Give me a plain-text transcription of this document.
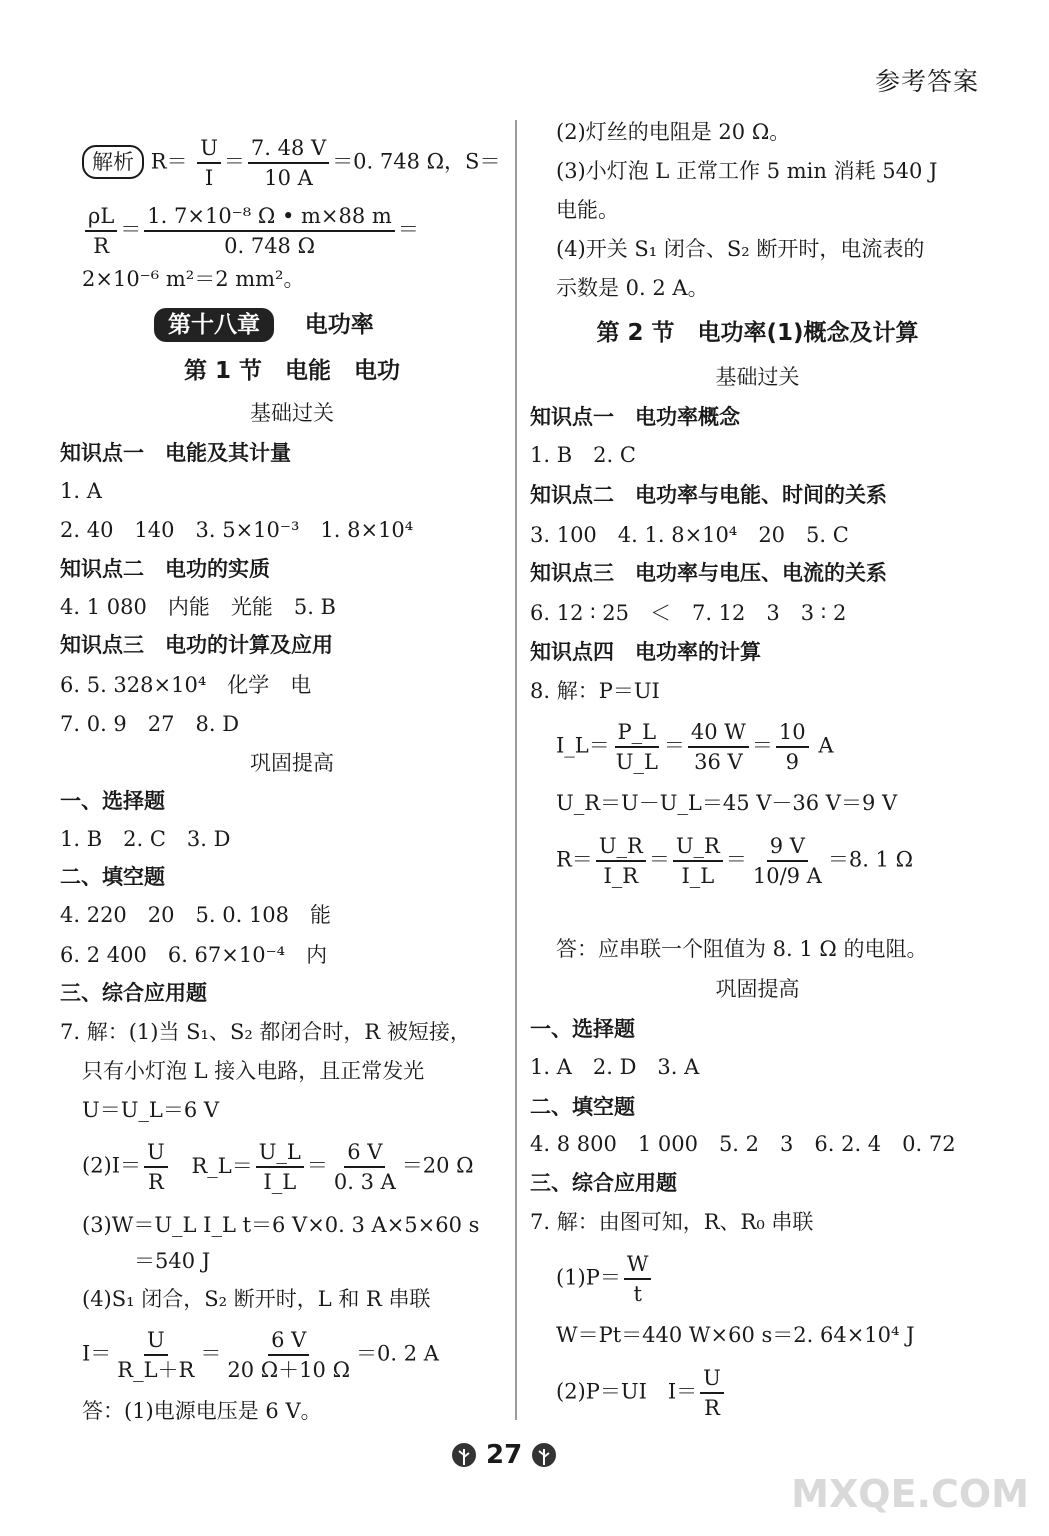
参考答案
解析 $R= \frac{U}{I} = \frac{7. 48 V}{10 A} =0$. 748 Ω，S＝
$\frac{\rho L}{R} = \frac{\text{1. 7×10⁻⁸ Ω • m×88 m}}{0. 748 \Omega}$ ＝
2×10⁻⁶ m²＝2 mm²。
第十八章 电功率
第 1 节　电能　电功
基础过关
知识点一　电能及其计量
1. A
2. 40　140　3. 5×10⁻³　1. 8×10⁴
知识点二　电功的实质
4. 1 080　内能　光能　5. B
知识点三　电功的计算及应用
6. 5. 328×10⁴　化学　电
7. 0. 9　27　8. D
巩固提高
一、选择题
1. B　2. C　3. D
二、填空题
4. 220　20　5. 0. 108　能
6. 2 400　6. 67×10⁻⁴　内
三、综合应用题
7. 解：(1)当 S₁、S₂ 都闭合时，R 被短接，
只有小灯泡 L 接入电路，且正常发光
U＝U_L＝6 V
$(2)I= \frac{U}{R}$ R_L＝ $\frac{U\_L}{I\_L} = \frac{6 V}{0. 3 A} =20$ Ω
(3)W＝U_L I_L t＝6 V×0. 3 A×5×60 s
＝540 J
(4)S₁ 闭合，S₂ 断开时，L 和 R 串联
$I= \frac{U}{R\_L+R} = \frac{6 V}{20 \Omega+10 \Omega} =0$. 2 A
答：(1)电源电压是 6 V。
(2)灯丝的电阻是 20 Ω。
(3)小灯泡 L 正常工作 5 min 消耗 540 J
电能。
(4)开关 S₁ 闭合、S₂ 断开时，电流表的
示数是 0. 2 A。
第 2 节　电功率(1)概念及计算
基础过关
知识点一　电功率概念
1. B　2. C
知识点二　电功率与电能、时间的关系
3. 100　4. 1. 8×10⁴　20　5. C
知识点三　电功率与电压、电流的关系
6. 12 ∶ 25　＜　7. 12　3　3 ∶ 2
知识点四　电功率的计算
8. 解：P＝UI
I_L＝ $\frac{P\_L}{U\_L} = \frac{40 W}{36 V} = \frac{10}{9}$ A
U_R＝U－U_L＝45 V－36 V＝9 V
$R= \frac{U\_R}{I\_R} = \frac{U\_R}{I\_L} = \frac{9 V}{10/9 A} =8$. 1 Ω
答：应串联一个阻值为 8. 1 Ω 的电阻。
巩固提高
一、选择题
1. A　2. D　3. A
二、填空题
4. 8 800　1 000　5. 2　3　6. 2. 4　0. 72
三、综合应用题
7. 解：由图可知，R、R₀ 串联
$(1)P= \frac{W}{t}$
W＝Pt＝440 W×60 s＝2. 64×10⁴ J
(2)P＝UI　$I= \frac{U}{R}$
27
MXQE.COM
